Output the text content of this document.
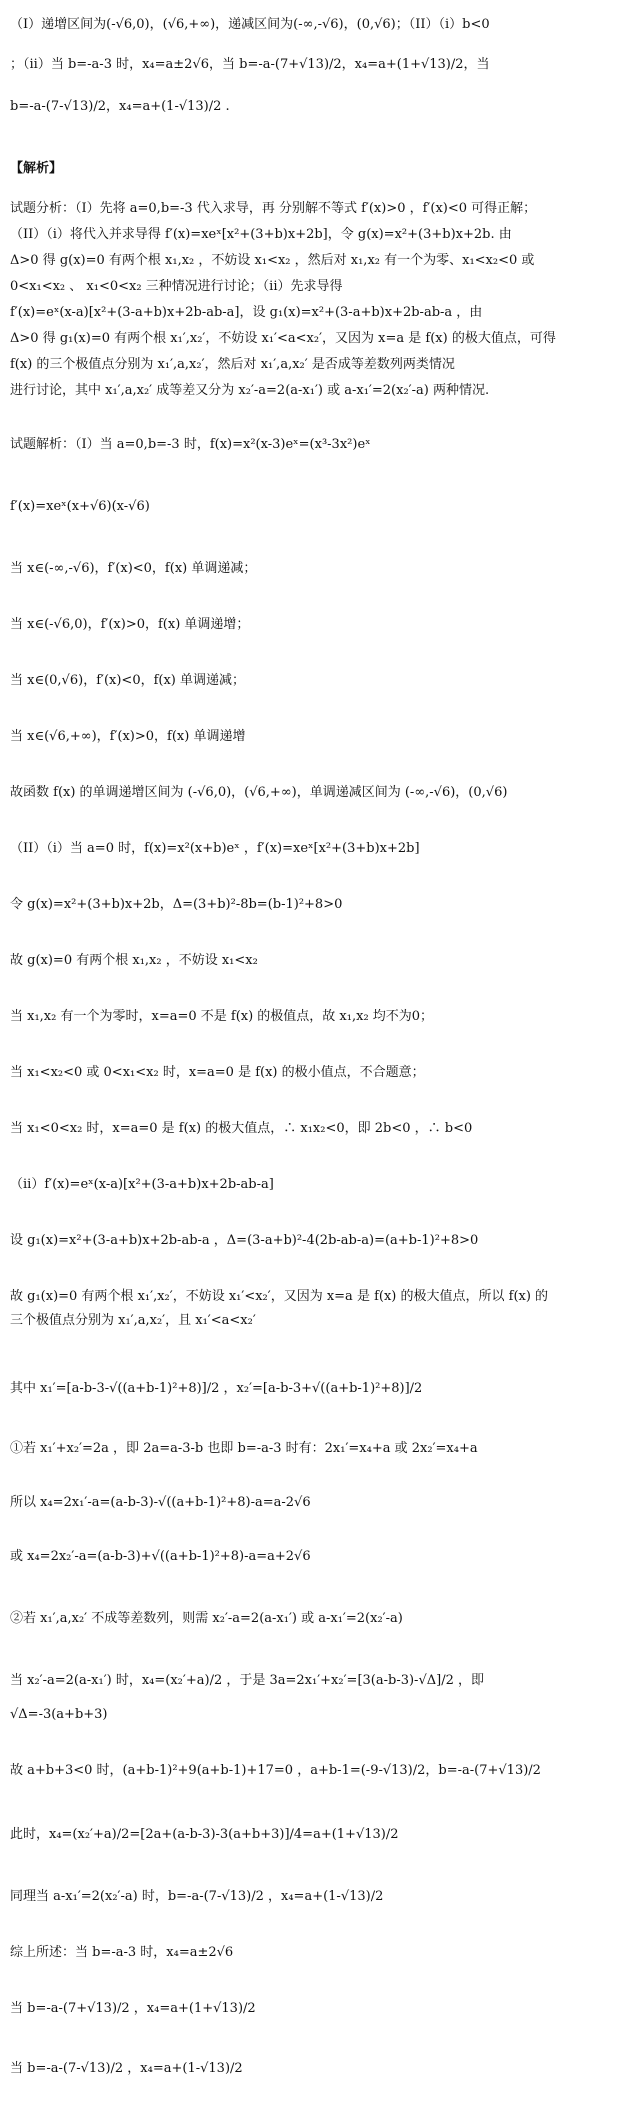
（I）递增区间为(-√6,0)，(√6,+∞)，递减区间为(-∞,-√6)，(0,√6)；（II）（i）b<0
；（ii）当 b=-a-3 时，x₄=a±2√6，当 b=-a-(7+√13)/2，x₄=a+(1+√13)/2，当
b=-a-(7-√13)/2，x₄=a+(1-√13)/2 .
【解析】
试题分析：（I）先将 a=0,b=-3 代入求导，再 分别解不等式 f′(x)>0 ，f′(x)<0 可得正解；
（II）（i）将代入并求导得 f′(x)=xeˣ[x²+(3+b)x+2b]，令 g(x)=x²+(3+b)x+2b. 由
Δ>0 得 g(x)=0 有两个根 x₁,x₂ ，不妨设 x₁<x₂ ，然后对 x₁,x₂ 有一个为零、x₁<x₂<0 或
0<x₁<x₂ 、 x₁<0<x₂ 三种情况进行讨论；（ii）先求导得
f′(x)=eˣ(x-a)[x²+(3-a+b)x+2b-ab-a]，设 g₁(x)=x²+(3-a+b)x+2b-ab-a ，由
Δ>0 得 g₁(x)=0 有两个根 x₁′,x₂′，不妨设 x₁′<a<x₂′，又因为 x=a 是 f(x) 的极大值点，可得
f(x) 的三个极值点分别为 x₁′,a,x₂′，然后对 x₁′,a,x₂′ 是否成等差数列两类情况
进行讨论，其中 x₁′,a,x₂′ 成等差又分为 x₂′-a=2(a-x₁′) 或 a-x₁′=2(x₂′-a) 两种情况.
试题解析：（I）当 a=0,b=-3 时，f(x)=x²(x-3)eˣ=(x³-3x²)eˣ
f′(x)=xeˣ(x+√6)(x-√6)
当 x∈(-∞,-√6)，f′(x)<0，f(x) 单调递减；
当 x∈(-√6,0)，f′(x)>0，f(x) 单调递增；
当 x∈(0,√6)，f′(x)<0，f(x) 单调递减；
当 x∈(√6,+∞)，f′(x)>0，f(x) 单调递增
故函数 f(x) 的单调递增区间为 (-√6,0)，(√6,+∞)，单调递减区间为 (-∞,-√6)，(0,√6)
（II）（i）当 a=0 时，f(x)=x²(x+b)eˣ ，f′(x)=xeˣ[x²+(3+b)x+2b]
令 g(x)=x²+(3+b)x+2b，Δ=(3+b)²-8b=(b-1)²+8>0
故 g(x)=0 有两个根 x₁,x₂ ，不妨设 x₁<x₂
当 x₁,x₂ 有一个为零时，x=a=0 不是 f(x) 的极值点，故 x₁,x₂ 均不为0；
当 x₁<x₂<0 或 0<x₁<x₂ 时，x=a=0 是 f(x) 的极小值点，不合题意；
当 x₁<0<x₂ 时，x=a=0 是 f(x) 的极大值点，∴ x₁x₂<0，即 2b<0 ，∴ b<0
（ii）f′(x)=eˣ(x-a)[x²+(3-a+b)x+2b-ab-a]
设 g₁(x)=x²+(3-a+b)x+2b-ab-a ，Δ=(3-a+b)²-4(2b-ab-a)=(a+b-1)²+8>0
故 g₁(x)=0 有两个根 x₁′,x₂′，不妨设 x₁′<x₂′，又因为 x=a 是 f(x) 的极大值点，所以 f(x) 的
三个极值点分别为 x₁′,a,x₂′，且 x₁′<a<x₂′
其中 x₁′=[a-b-3-√((a+b-1)²+8)]/2 ，x₂′=[a-b-3+√((a+b-1)²+8)]/2
①若 x₁′+x₂′=2a ，即 2a=a-3-b 也即 b=-a-3 时有：2x₁′=x₄+a 或 2x₂′=x₄+a
所以 x₄=2x₁′-a=(a-b-3)-√((a+b-1)²+8)-a=a-2√6
或 x₄=2x₂′-a=(a-b-3)+√((a+b-1)²+8)-a=a+2√6
②若 x₁′,a,x₂′ 不成等差数列，则需 x₂′-a=2(a-x₁′) 或 a-x₁′=2(x₂′-a)
当 x₂′-a=2(a-x₁′) 时，x₄=(x₂′+a)/2 ，于是 3a=2x₁′+x₂′=[3(a-b-3)-√Δ]/2 ，即
√Δ=-3(a+b+3)
故 a+b+3<0 时，(a+b-1)²+9(a+b-1)+17=0 ，a+b-1=(-9-√13)/2，b=-a-(7+√13)/2
此时，x₄=(x₂′+a)/2=[2a+(a-b-3)-3(a+b+3)]/4=a+(1+√13)/2
同理当 a-x₁′=2(x₂′-a) 时，b=-a-(7-√13)/2 ，x₄=a+(1-√13)/2
综上所述：当 b=-a-3 时，x₄=a±2√6
当 b=-a-(7+√13)/2 ，x₄=a+(1+√13)/2
当 b=-a-(7-√13)/2 ，x₄=a+(1-√13)/2
